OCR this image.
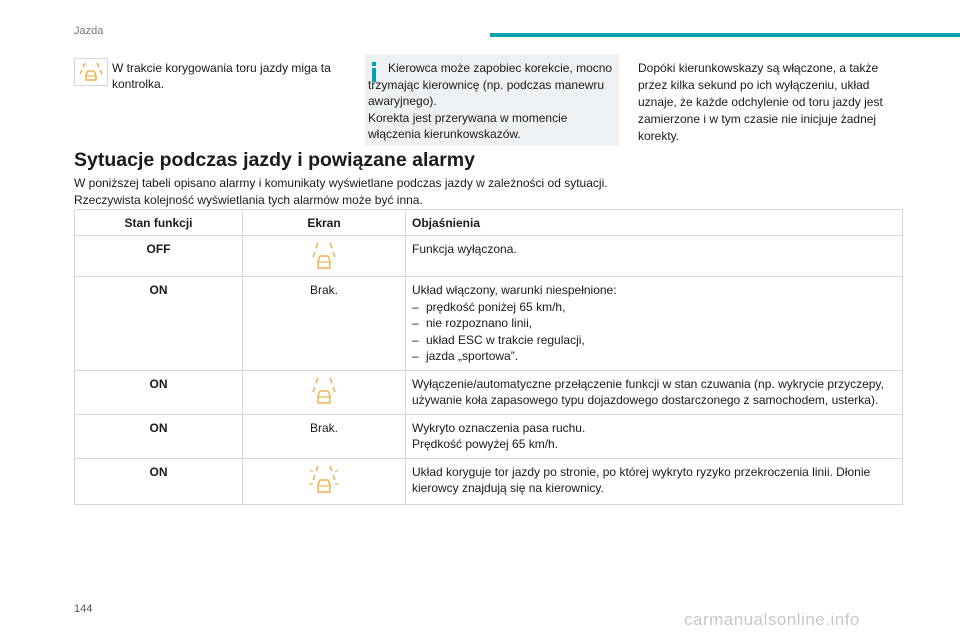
Jazda
W trakcie korygowania toru jazdy miga ta kontrolka.

Kierowca może zapobiec korekcie, mocno trzymając kierownicę (np. podczas manewru awaryjnego).

Korekta jest przerywana w momencie włączenia kierunkowskazów.

Dopóki kierunkowskazy są włączone, a także przez kilka sekund po ich wyłączeniu, układ uznaje, że każde odchylenie od toru jazdy jest zamierzone i w tym czasie nie inicjuje żadnej korekty.
Sytuacje podczas jazdy i powiązane alarmy

W poniższej tabeli opisano alarmy i komunikaty wyświetlane podczas jazdy w zależności od sytuacji.

Rzeczywista kolejność wyświetlania tych alarmów może być inna.

Stan funkcji	Ekran	Objaśnienia
OFF		Funkcja wyłączona.
ON	Brak.	Układ włączony, warunki niespełnione:
– prędkość poniżej 65 km/h,
– nie rozpoznano linii,
– układ ESC w trakcie regulacji,
– jazda „sportowa”.

ON		Wyłączenie/automatyczne przełączenie funkcji w stan czuwania (np. wykrycie przyczepy, używanie koła zapasowego typu dojazdowego dostarczonego z samochodem, usterka).
ON	Brak.	Wykryto oznaczenia pasa ruchu.
Prędkość powyżej 65 km/h.

ON		Układ koryguje tor jazdy po stronie, po której wykryto ryzyko przekroczenia linii. Dłonie kierowcy znajdują się na kierownicy.
144
carmanualsonline.info
